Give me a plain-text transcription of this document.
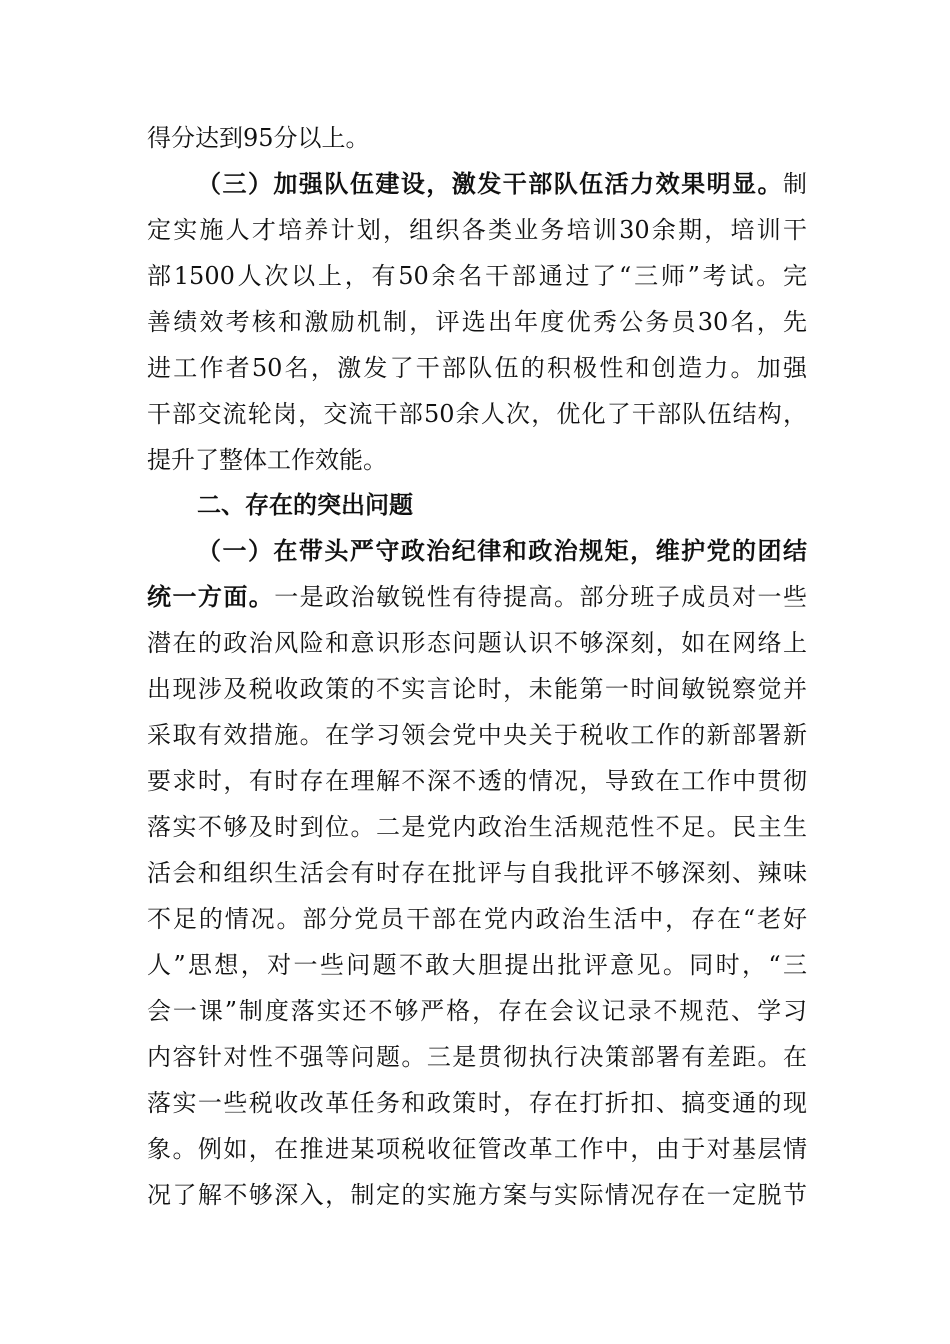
得分达到95分以上。
（三）加强队伍建设，激发干部队伍活力效果明显。制
定实施人才培养计划，组织各类业务培训30余期，培训干
部1500人次以上，有50余名干部通过了“三师”考试。完
善绩效考核和激励机制，评选出年度优秀公务员30名，先
进工作者50名，激发了干部队伍的积极性和创造力。加强
干部交流轮岗，交流干部50余人次，优化了干部队伍结构，
提升了整体工作效能。
二、存在的突出问题
（一）在带头严守政治纪律和政治规矩，维护党的团结
统一方面。一是政治敏锐性有待提高。部分班子成员对一些
潜在的政治风险和意识形态问题认识不够深刻，如在网络上
出现涉及税收政策的不实言论时，未能第一时间敏锐察觉并
采取有效措施。在学习领会党中央关于税收工作的新部署新
要求时，有时存在理解不深不透的情况，导致在工作中贯彻
落实不够及时到位。二是党内政治生活规范性不足。民主生
活会和组织生活会有时存在批评与自我批评不够深刻、辣味
不足的情况。部分党员干部在党内政治生活中，存在“老好
人”思想，对一些问题不敢大胆提出批评意见。同时，“三
会一课”制度落实还不够严格，存在会议记录不规范、学习
内容针对性不强等问题。三是贯彻执行决策部署有差距。在
落实一些税收改革任务和政策时，存在打折扣、搞变通的现
象。例如，在推进某项税收征管改革工作中，由于对基层情
况了解不够深入，制定的实施方案与实际情况存在一定脱节
